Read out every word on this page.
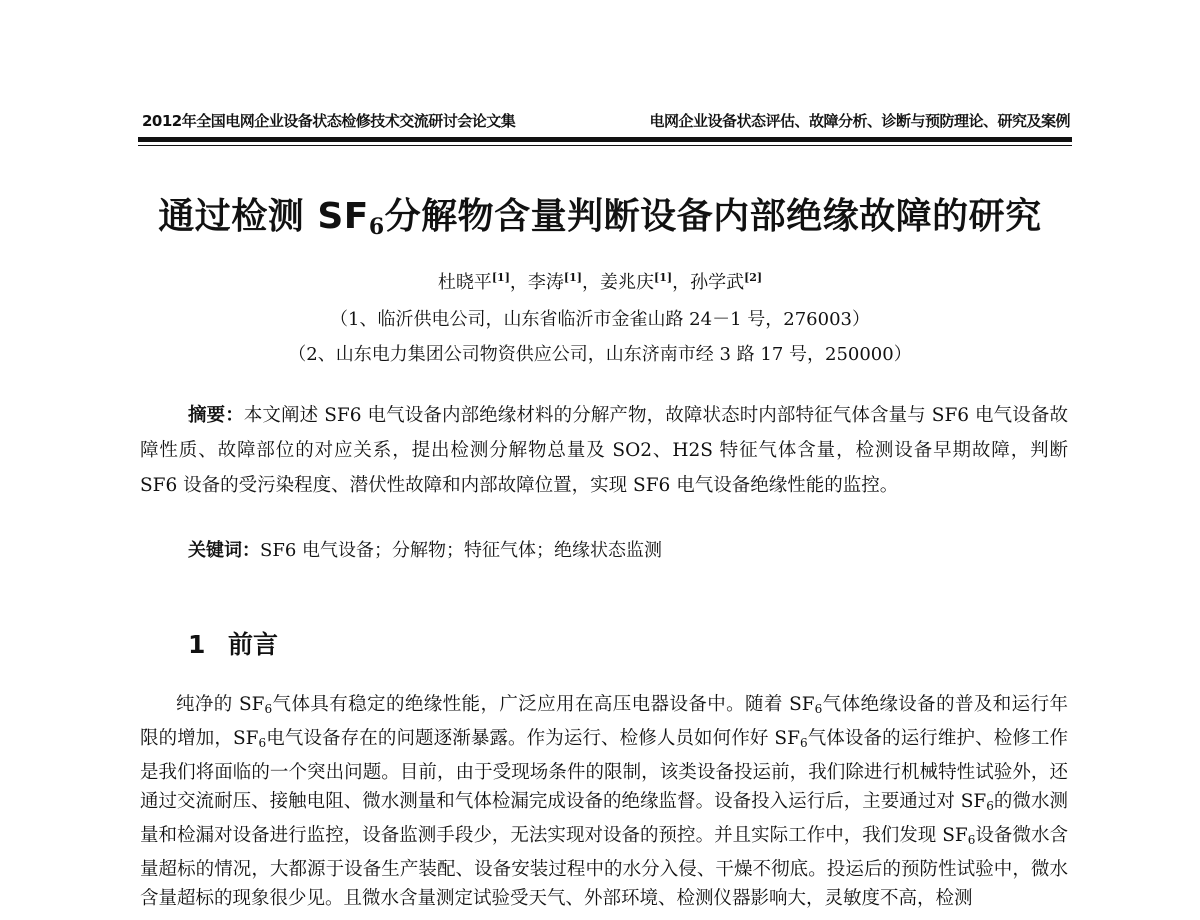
2012年全国电网企业设备状态检修技术交流研讨会论文集	电网企业设备状态评估、故障分析、诊断与预防理论、研究及案例
通过检测 $SF_6$分解物含量判断设备内部绝缘故障的研究
杜晓平[1]，李涛[1]，姜兆庆[1]，孙学武[2]
（1、临沂供电公司，山东省临沂市金雀山路 24－1 号，276003）
（2、山东电力集团公司物资供应公司，山东济南市经 3 路 17 号，250000）
摘要：本文阐述 SF6 电气设备内部绝缘材料的分解产物，故障状态时内部特征气体含量与 SF6 电气设备故障性质、故障部位的对应关系，提出检测分解物总量及 SO2、H2S 特征气体含量，检测设备早期故障，判断 SF6 设备的受污染程度、潜伏性故障和内部故障位置，实现 SF6 电气设备绝缘性能的监控。
关键词：SF6 电气设备；分解物；特征气体；绝缘状态监测
1 前言
纯净的 $SF_6$气体具有稳定的绝缘性能，广泛应用在高压电器设备中。随着 $SF_6$气体绝缘设备的普及和运行年限的增加，$SF_6$电气设备存在的问题逐渐暴露。作为运行、检修人员如何作好 $SF_6$气体设备的运行维护、检修工作是我们将面临的一个突出问题。目前，由于受现场条件的限制，该类设备投运前，我们除进行机械特性试验外，还通过交流耐压、接触电阻、微水测量和气体检漏完成设备的绝缘监督。设备投入运行后，主要通过对 $SF_6$的微水测量和检漏对设备进行监控，设备监测手段少，无法实现对设备的预控。并且实际工作中，我们发现 $SF_6$设备微水含量超标的情况，大都源于设备生产装配、设备安装过程中的水分入侵、干燥不彻底。投运后的预防性试验中，微水含量超标的现象很少见。且微水含量测定试验受天气、外部环境、检测仪器影响大，灵敏度不高，检测
